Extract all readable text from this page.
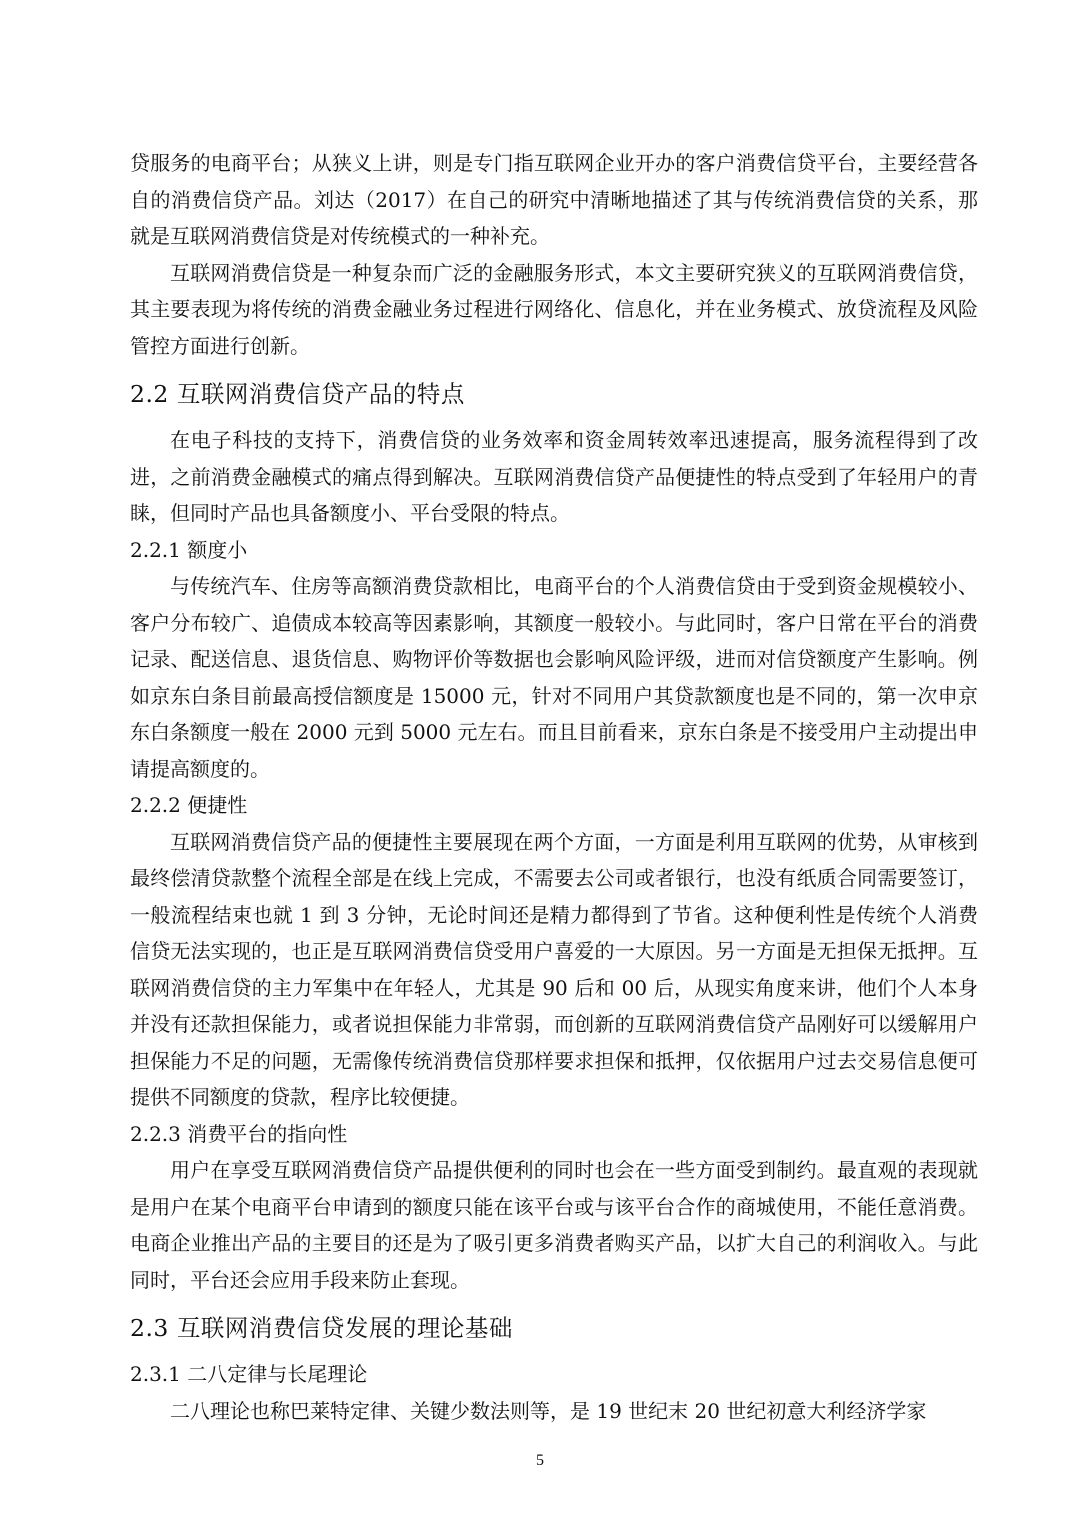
贷服务的电商平台；从狭义上讲，则是专门指互联网企业开办的客户消费信贷平台，主要经营各自的消费信贷产品。刘达（2017）在自己的研究中清晰地描述了其与传统消费信贷的关系，那就是互联网消费信贷是对传统模式的一种补充。
互联网消费信贷是一种复杂而广泛的金融服务形式，本文主要研究狭义的互联网消费信贷，其主要表现为将传统的消费金融业务过程进行网络化、信息化，并在业务模式、放贷流程及风险管控方面进行创新。
2.2 互联网消费信贷产品的特点
在电子科技的支持下，消费信贷的业务效率和资金周转效率迅速提高，服务流程得到了改进，之前消费金融模式的痛点得到解决。互联网消费信贷产品便捷性的特点受到了年轻用户的青睐，但同时产品也具备额度小、平台受限的特点。
2.2.1 额度小
与传统汽车、住房等高额消费贷款相比，电商平台的个人消费信贷由于受到资金规模较小、客户分布较广、追债成本较高等因素影响，其额度一般较小。与此同时，客户日常在平台的消费记录、配送信息、退货信息、购物评价等数据也会影响风险评级，进而对信贷额度产生影响。例如京东白条目前最高授信额度是 15000 元，针对不同用户其贷款额度也是不同的，第一次申京东白条额度一般在 2000 元到 5000 元左右。而且目前看来，京东白条是不接受用户主动提出申请提高额度的。
2.2.2 便捷性
互联网消费信贷产品的便捷性主要展现在两个方面，一方面是利用互联网的优势，从审核到最终偿清贷款整个流程全部是在线上完成，不需要去公司或者银行，也没有纸质合同需要签订，一般流程结束也就 1 到 3 分钟，无论时间还是精力都得到了节省。这种便利性是传统个人消费信贷无法实现的，也正是互联网消费信贷受用户喜爱的一大原因。另一方面是无担保无抵押。互联网消费信贷的主力军集中在年轻人，尤其是 90 后和 00 后，从现实角度来讲，他们个人本身并没有还款担保能力，或者说担保能力非常弱，而创新的互联网消费信贷产品刚好可以缓解用户担保能力不足的问题，无需像传统消费信贷那样要求担保和抵押，仅依据用户过去交易信息便可提供不同额度的贷款，程序比较便捷。
2.2.3 消费平台的指向性
用户在享受互联网消费信贷产品提供便利的同时也会在一些方面受到制约。最直观的表现就是用户在某个电商平台申请到的额度只能在该平台或与该平台合作的商城使用，不能任意消费。电商企业推出产品的主要目的还是为了吸引更多消费者购买产品，以扩大自己的利润收入。与此同时，平台还会应用手段来防止套现。
2.3 互联网消费信贷发展的理论基础
2.3.1 二八定律与长尾理论
二八理论也称巴莱特定律、关键少数法则等，是 19 世纪末 20 世纪初意大利经济学家
5
